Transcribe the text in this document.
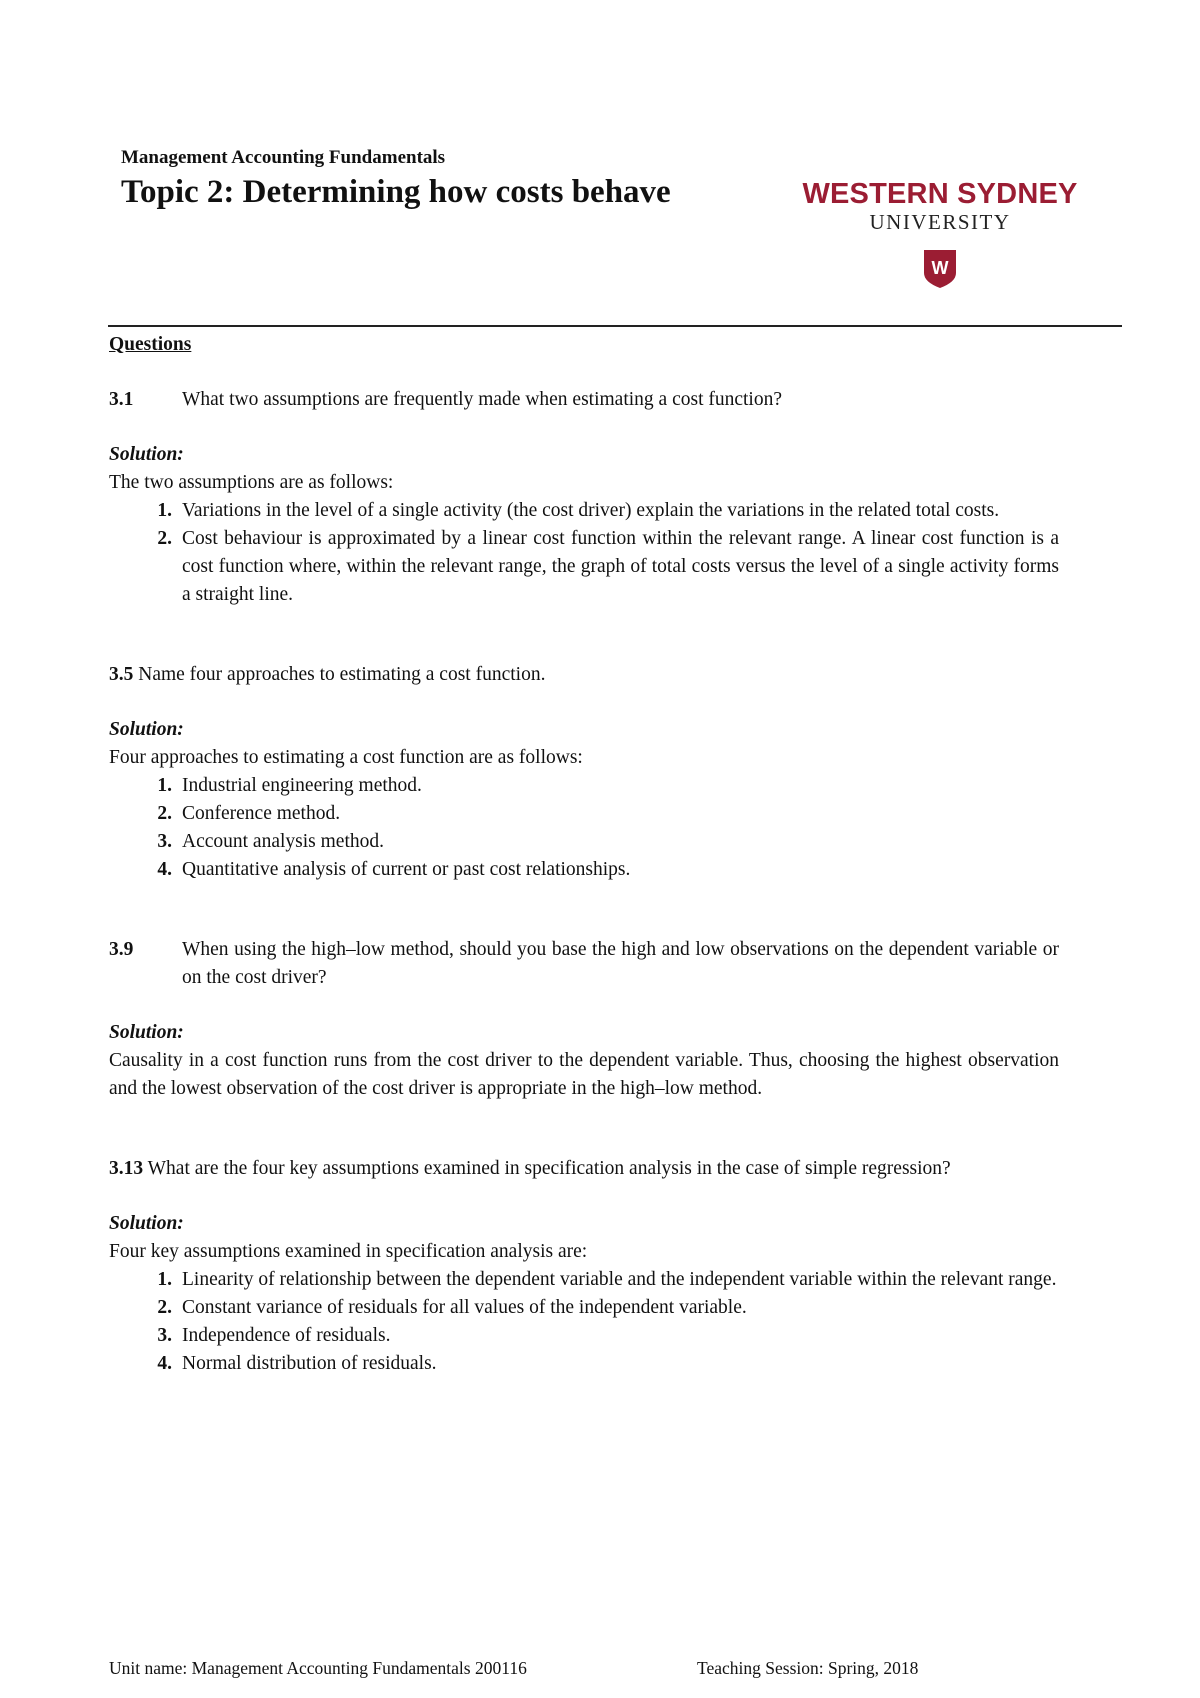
Management Accounting Fundamentals
Topic 2: Determining how costs behave	WESTERN SYDNEY
UNIVERSITY
W

Questions

3.1	What two assumptions are frequently made when estimating a cost function?

Solution:

The two assumptions are as follows:

1. Variations in the level of a single activity (the cost driver) explain the variations in the related total costs.
2. Cost behaviour is approximated by a linear cost function within the relevant range. A linear cost function is a cost function where, within the relevant range, the graph of total costs versus the level of a single activity forms a straight line.

3.5 Name four approaches to estimating a cost function.

Solution:

Four approaches to estimating a cost function are as follows:

1. Industrial engineering method.
2. Conference method.
3. Account analysis method.
4. Quantitative analysis of current or past cost relationships.
3.9	When using the high–low method, should you base the high and low observations on the dependent variable or on the cost driver?

Solution:

Causality in a cost function runs from the cost driver to the dependent variable. Thus, choosing the highest observation and the lowest observation of the cost driver is appropriate in the high–low method.

3.13 What are the four key assumptions examined in specification analysis in the case of simple regression?

Solution:

Four key assumptions examined in specification analysis are:

1. Linearity of relationship between the dependent variable and the independent variable within the relevant range.
2. Constant variance of residuals for all values of the independent variable.
3. Independence of residuals.
4. Normal distribution of residuals.
Unit name: Management Accounting Fundamentals 200116	Teaching Session: Spring, 2018
